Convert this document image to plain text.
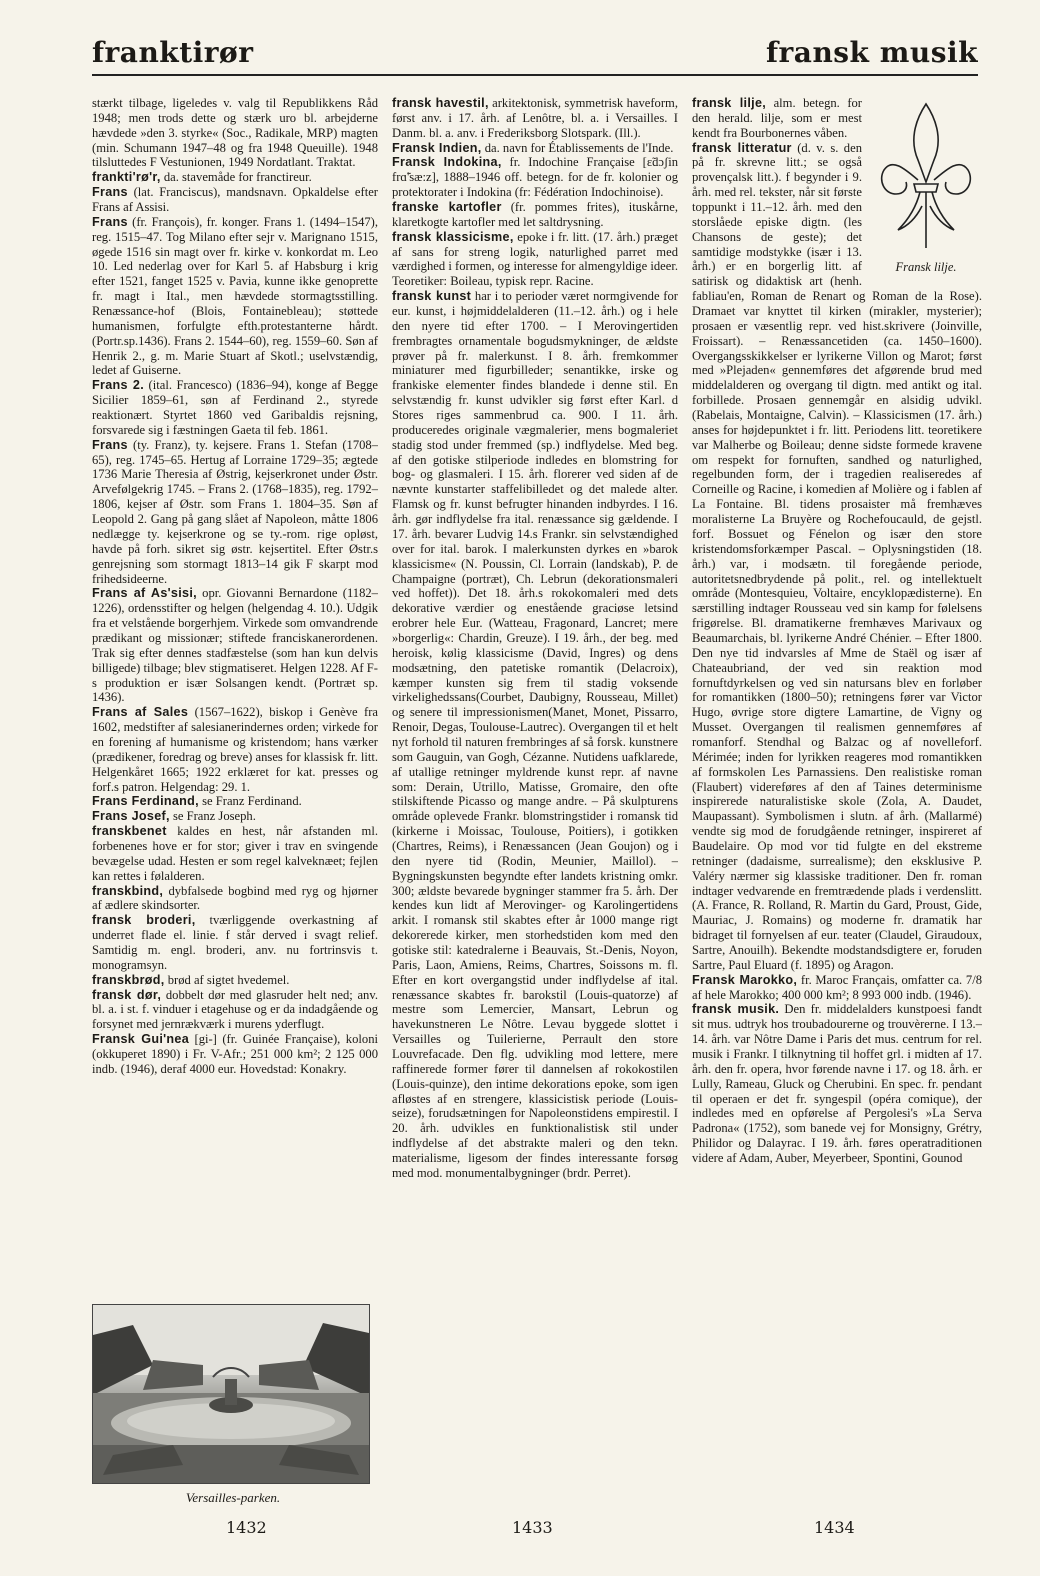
franktirør	fransk musik

stærkt tilbage, ligeledes v. valg til Republikkens Råd 1948; men trods dette og stærk uro bl. arbejderne hævdede »den 3. styrke« (Soc., Radikale, MRP) magten (min. Schumann 1947–48 og fra 1948 Queuille). 1948 tilsluttedes F Vestunionen, 1949 Nordatlant. Traktat.

frankti'rø'r, da. stavemåde for franctireur.

Frans (lat. Franciscus), mandsnavn. Opkaldelse efter Frans af Assisi.

Frans (fr. François), fr. konger. Frans 1. (1494–1547), reg. 1515–47. Tog Milano efter sejr v. Marignano 1515, øgede 1516 sin magt over fr. kirke v. konkordat m. Leo 10. Led nederlag over for Karl 5. af Habsburg i krig efter 1521, fanget 1525 v. Pavia, kunne ikke genoprette fr. magt i Ital., men hævdede stormagtsstilling. Renæssance-hof (Blois, Fontainebleau); støttede humanismen, forfulgte efth.protestanterne hårdt.(Portr.sp.1436). Frans 2. 1544–60), reg. 1559–60. Søn af Henrik 2., g. m. Marie Stuart af Skotl.; uselvstændig, ledet af Guiserne.

Frans 2. (ital. Francesco) (1836–94), konge af Begge Sicilier 1859–61, søn af Ferdinand 2., styrede reaktionært. Styrtet 1860 ved Garibaldis rejsning, forsvarede sig i fæstningen Gaeta til feb. 1861.

Frans (ty. Franz), ty. kejsere. Frans 1. Stefan (1708–65), reg. 1745–65. Hertug af Lorraine 1729–35; ægtede 1736 Marie Theresia af Østrig, kejserkronet under Østr. Arvefølgekrig 1745. – Frans 2. (1768–1835), reg. 1792–1806, kejser af Østr. som Frans 1. 1804–35. Søn af Leopold 2. Gang på gang slået af Napoleon, måtte 1806 nedlægge ty. kejserkrone og se ty.-rom. rige opløst, havde på forh. sikret sig østr. kejsertitel. Efter Østr.s genrejsning som stormagt 1813–14 gik F skarpt mod frihedsideerne.

Frans af As'sisi, opr. Giovanni Bernardone (1182–1226), ordensstifter og helgen (helgendag 4. 10.). Udgik fra et velstående borgerhjem. Virkede som omvandrende prædikant og missionær; stiftede franciskanerordenen. Trak sig efter dennes stadfæstelse (som han kun delvis billigede) tilbage; blev stigmatiseret. Helgen 1228. Af F-s produktion er især Solsangen kendt. (Portræt sp. 1436).

Frans af Sales (1567–1622), biskop i Genève fra 1602, medstifter af salesianerindernes orden; virkede for en forening af humanisme og kristendom; hans værker (prædikener, foredrag og breve) anses for klassisk fr. litt. Helgenkåret 1665; 1922 erklæret for kat. presses og forf.s patron. Helgendag: 29. 1.

Frans Ferdinand, se Franz Ferdinand.

Frans Josef, se Franz Joseph.

franskbenet kaldes en hest, når afstanden ml. forbenenes hove er for stor; giver i trav en svingende bevægelse udad. Hesten er som regel kalveknæet; fejlen kan rettes i følalderen.

franskbind, dybfalsede bogbind med ryg og hjørner af ædlere skindsorter.

fransk broderi, tværliggende overkastning af underret flade el. linie. f står derved i svagt relief. Samtidig m. engl. broderi, anv. nu fortrinsvis t. monogramsyn.

franskbrød, brød af sigtet hvedemel.

fransk dør, dobbelt dør med glasruder helt ned; anv. bl. a. i st. f. vinduer i etagehuse og er da indadgående og forsynet med jernrækværk i murens yderflugt.

Fransk Gui'nea [gi-] (fr. Guinée Française), koloni (okkuperet 1890) i Fr. V-Afr.; 251 000 km²; 2 125 000 indb. (1946), deraf 4000 eur. Hovedstad: Konakry.

fransk havestil, arkitektonisk, symmetrisk haveform, først anv. i 17. årh. af Lenôtre, bl. a. i Versailles. I Danm. bl. a. anv. i Frederiksborg Slotspark. (Ill.).

Fransk Indien, da. navn for Établissements de l'Inde.

Fransk Indokina, fr. Indochine Française [ɛ̃dɔʃin frɑ̃'sæ:z], 1888–1946 off. betegn. for de fr. kolonier og protektorater i Indokina (fr: Fédération Indochinoise).

franske kartofler (fr. pommes frites), ituskårne, klaretkogte kartofler med let saltdrysning.

fransk klassicisme, epoke i fr. litt. (17. årh.) præget af sans for streng logik, naturlighed parret med værdighed i formen, og interesse for almengyldige ideer. Teoretiker: Boileau, typisk repr. Racine.

fransk kunst har i to perioder været normgivende for eur. kunst, i højmiddelalderen (11.–12. årh.) og i hele den nyere tid efter 1700. – I Merovingertiden frembragtes ornamentale bogudsmykninger, de ældste prøver på fr. malerkunst. I 8. årh. fremkommer miniaturer med figurbilleder; senantikke, irske og frankiske elementer findes blandede i denne stil. En selvstændig fr. kunst udvikler sig først efter Karl. d Stores riges sammenbrud ca. 900. I 11. årh. produceredes originale vægmalerier, mens bogmaleriet stadig stod under fremmed (sp.) indflydelse. Med beg. af den gotiske stilperiode indledes en blomstring for bog- og glasmaleri. I 15. årh. florerer ved siden af de nævnte kunstarter staffelibilledet og det malede alter. Flamsk og fr. kunst befrugter hinanden indbyrdes. I 16. årh. gør indflydelse fra ital. renæssance sig gældende. I 17. årh. bevarer Ludvig 14.s Frankr. sin selvstændighed over for ital. barok. I malerkunsten dyrkes en »barok klassicisme« (N. Poussin, Cl. Lorrain (landskab), P. de Champaigne (portræt), Ch. Lebrun (dekorationsmaleri ved hoffet)). Det 18. årh.s rokokomaleri med dets dekorative værdier og enestående graciøse letsind erobrer hele Eur. (Watteau, Fragonard, Lancret; mere »borgerlig«: Chardin, Greuze). I 19. årh., der beg. med heroisk, kølig klassicisme (David, Ingres) og dens modsætning, den patetiske romantik (Delacroix), kæmper kunsten sig frem til stadig voksende virkelighedssans(Courbet, Daubigny, Rousseau, Millet) og senere til impressionismen(Manet, Monet, Pissarro, Renoir, Degas, Toulouse-Lautrec). Overgangen til et helt nyt forhold til naturen frembringes af så forsk. kunstnere som Gauguin, van Gogh, Cézanne. Nutidens uafklarede, af utallige retninger myldrende kunst repr. af navne som: Derain, Utrillo, Matisse, Gromaire, den ofte stilskiftende Picasso og mange andre. – På skulpturens område oplevede Frankr. blomstringstider i romansk tid (kirkerne i Moissac, Toulouse, Poitiers), i gotikken (Chartres, Reims), i Renæssancen (Jean Goujon) og i den nyere tid (Rodin, Meunier, Maillol). – Bygningskunsten begyndte efter landets kristning omkr. 300; ældste bevarede bygninger stammer fra 5. årh. Der kendes kun lidt af Merovinger- og Karolingertidens arkit. I romansk stil skabtes efter år 1000 mange rigt dekorerede kirker, men storhedstiden kom med den gotiske stil: katedralerne i Beauvais, St.-Denis, Noyon, Paris, Laon, Amiens, Reims, Chartres, Soissons m. fl. Efter en kort overgangstid under indflydelse af ital. renæssance skabtes fr. barokstil (Louis-quatorze) af mestre som Lemercier, Mansart, Lebrun og havekunstneren Le Nôtre. Levau byggede slottet i Versailles og Tuilerierne, Perrault den store Louvrefacade. Den flg. udvikling mod lettere, mere raffinerede former fører til dannelsen af rokokostilen (Louis-quinze), den intime dekorations epoke, som igen afløstes af en strengere, klassicistisk periode (Louis-seize), forudsætningen for Napoleonstidens empirestil. I 20. årh. udvikles en funktionalistisk stil under indflydelse af det abstrakte maleri og den tekn. materialisme, ligesom der findes interessante forsøg med mod. monumentalbygninger (brdr. Perret).

Fransk lilje.

fransk lilje, alm. betegn. for den herald. lilje, som er mest kendt fra Bourbonernes våben.

fransk litteratur (d. v. s. den på fr. skrevne litt.; se også provençalsk litt.). f begynder i 9. årh. med rel. tekster, når sit første toppunkt i 11.–12. årh. med den storslåede episke digtn. (les Chansons de geste); det samtidige modstykke (især i 13. årh.) er en borgerlig litt. af satirisk og didaktisk art (henh. fabliau'en, Roman de Renart og Roman de la Rose). Dramaet var knyttet til kirken (mirakler, mysterier); prosaen er væsentlig repr. ved hist.skrivere (Joinville, Froissart). – Renæssancetiden (ca. 1450–1600). Overgangsskikkelser er lyrikerne Villon og Marot; først med »Plejaden« gennemføres det afgørende brud med middelalderen og overgang til digtn. med antikt og ital. forbillede. Prosaen gennemgår en alsidig udvikl. (Rabelais, Montaigne, Calvin). – Klassicismen (17. årh.) anses for højdepunktet i fr. litt. Periodens litt. teoretikere var Malherbe og Boileau; denne sidste formede kravene om respekt for fornuften, sandhed og naturlighed, regelbunden form, der i tragedien realiseredes af Corneille og Racine, i komedien af Molière og i fablen af La Fontaine. Bl. tidens prosaister må fremhæves moralisterne La Bruyère og Rochefoucauld, de gejstl. forf. Bossuet og Fénelon og især den store kristendomsforkæmper Pascal. – Oplysningstiden (18. årh.) var, i modsætn. til foregående periode, autoritetsnedbrydende på polit., rel. og intellektuelt område (Montesquieu, Voltaire, encyklopædisterne). En særstilling indtager Rousseau ved sin kamp for følelsens frigørelse. Bl. dramatikerne fremhæves Marivaux og Beaumarchais, bl. lyrikerne André Chénier. – Efter 1800. Den nye tid indvarsles af Mme de Staël og især af Chateaubriand, der ved sin reaktion mod fornuftdyrkelsen og ved sin natursans blev en forløber for romantikken (1800–50); retningens fører var Victor Hugo, øvrige store digtere Lamartine, de Vigny og Musset. Overgangen til realismen gennemføres af romanforf. Stendhal og Balzac og af novelleforf. Mérimée; inden for lyrikken reageres mod romantikken af formskolen Les Parnassiens. Den realistiske roman (Flaubert) videreføres af den af Taines determinisme inspirerede naturalistiske skole (Zola, A. Daudet, Maupassant). Symbolismen i slutn. af årh. (Mallarmé) vendte sig mod de forudgående retninger, inspireret af Baudelaire. Op mod vor tid fulgte en del ekstreme retninger (dadaisme, surrealisme); den eksklusive P. Valéry nærmer sig klassiske traditioner. Den fr. roman indtager vedvarende en fremtrædende plads i verdenslitt. (A. France, R. Rolland, R. Martin du Gard, Proust, Gide, Mauriac, J. Romains) og moderne fr. dramatik har bidraget til fornyelsen af eur. teater (Claudel, Giraudoux, Sartre, Anouilh). Bekendte modstandsdigtere er, foruden Sartre, Paul Eluard (f. 1895) og Aragon.

Fransk Marokko, fr. Maroc Français, omfatter ca. 7/8 af hele Marokko; 400 000 km²; 8 993 000 indb. (1946).

fransk musik. Den fr. middelalders kunstpoesi fandt sit mus. udtryk hos troubadourerne og trouvèrerne. I 13.–14. årh. var Nôtre Dame i Paris det mus. centrum for rel. musik i Frankr. I tilknytning til hoffet grl. i midten af 17. årh. den fr. opera, hvor førende navne i 17. og 18. årh. er Lully, Rameau, Gluck og Cherubini. En spec. fr. pendant til operaen er det fr. syngespil (opéra comique), der indledes med en opførelse af Pergolesi's »La Serva Padrona« (1752), som banede vej for Monsigny, Grétry, Philidor og Dalayrac. I 19. årh. føres operatraditionen videre af Adam, Auber, Meyerbeer, Spontini, Gounod

Versailles-parken.
1432	1433	1434
